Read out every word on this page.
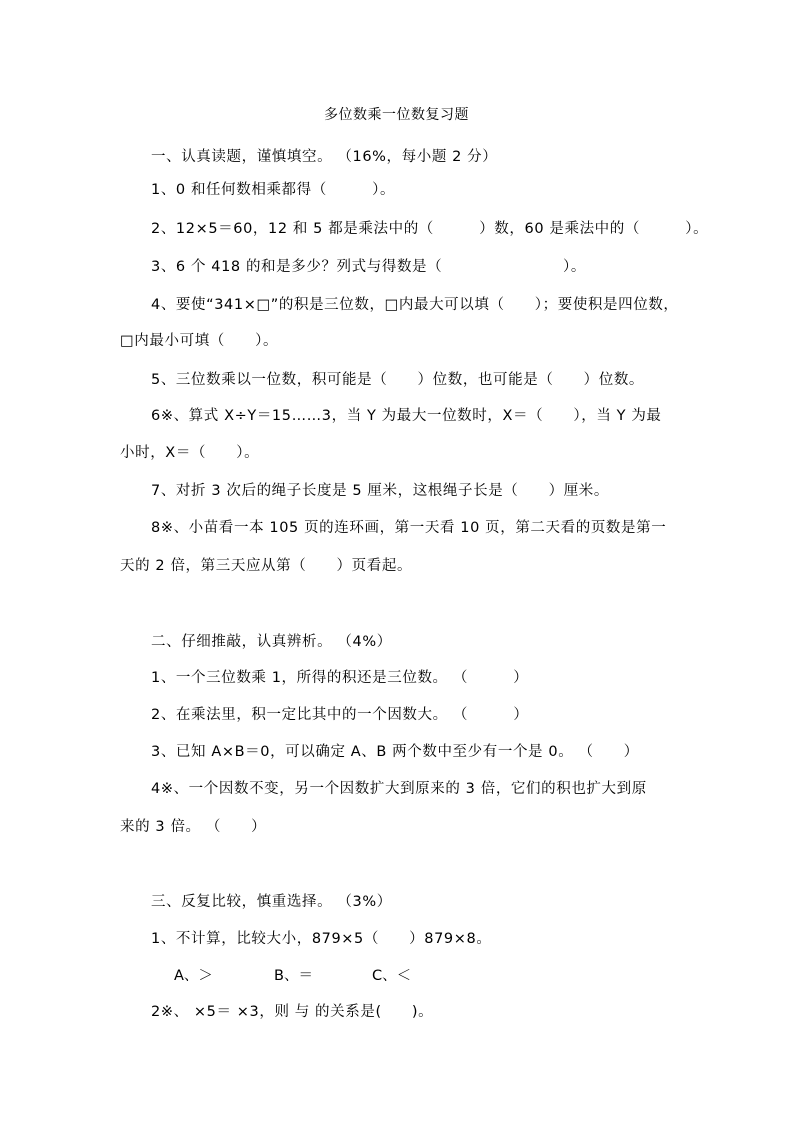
多位数乘一位数复习题
一、认真读题，谨慎填空。 （16%，每小题 2 分）
1、0 和任何数相乘都得（　　　）。
2、12×5＝60，12 和 5 都是乘法中的（　　　）数，60 是乘法中的（　　　）。
3、6 个 418 的和是多少？列式与得数是（　　　　　　　　）。
4、要使“341×□”的积是三位数，□内最大可以填（　　）；要使积是四位数，
□内最小可填（　　）。
5、三位数乘以一位数，积可能是（　　）位数，也可能是（　　）位数。
6※、算式 X÷Y＝15……3，当 Y 为最大一位数时，X＝（　　），当 Y 为最
小时，X＝（　　）。
7、对折 3 次后的绳子长度是 5 厘米，这根绳子长是（　　）厘米。
8※、小苗看一本 105 页的连环画，第一天看 10 页，第二天看的页数是第一
天的 2 倍，第三天应从第（　　）页看起。
二、仔细推敲，认真辨析。 （4%）
1、一个三位数乘 1，所得的积还是三位数。 （　　　）
2、在乘法里，积一定比其中的一个因数大。 （　　　）
3、已知 A×B＝0，可以确定 A、B 两个数中至少有一个是 0。 （　　）
4※、一个因数不变，另一个因数扩大到原来的 3 倍，它们的积也扩大到原
来的 3 倍。 （　　）
三、反复比较，慎重选择。 （3%）
1、不计算，比较大小，879×5（　　）879×8。
A、＞	B、＝	C、＜
2※、 ×5＝ ×3，则 与 的关系是(　　)。
